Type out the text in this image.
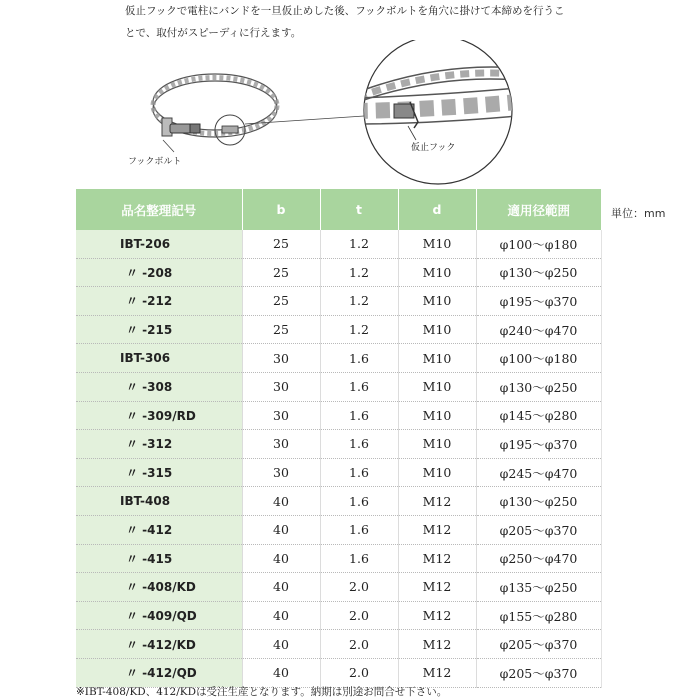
仮止フックで電柱にバンドを一旦仮止めした後、フックボルトを角穴に掛けて本締めを行うこ

とで、取付がスピーディに行えます。

フックボルト
仮止フック
品名整理記号	b	t	d	適用径範囲
IBT-206	25	1.2	M10	φ100～φ180
〃 -208	25	1.2	M10	φ130～φ250
〃 -212	25	1.2	M10	φ195～φ370
〃 -215	25	1.2	M10	φ240～φ470
IBT-306	30	1.6	M10	φ100～φ180
〃 -308	30	1.6	M10	φ130～φ250
〃 -309/RD	30	1.6	M10	φ145～φ280
〃 -312	30	1.6	M10	φ195～φ370
〃 -315	30	1.6	M10	φ245～φ470
IBT-408	40	1.6	M12	φ130～φ250
〃 -412	40	1.6	M12	φ205～φ370
〃 -415	40	1.6	M12	φ250～φ470
〃 -408/KD	40	2.0	M12	φ135～φ250
〃 -409/QD	40	2.0	M12	φ155～φ280
〃 -412/KD	40	2.0	M12	φ205～φ370
〃 -412/QD	40	2.0	M12	φ205～φ370
単位：mm
※IBT-408/KD、412/KDは受注生産となります。納期は別途お問合せ下さい。
